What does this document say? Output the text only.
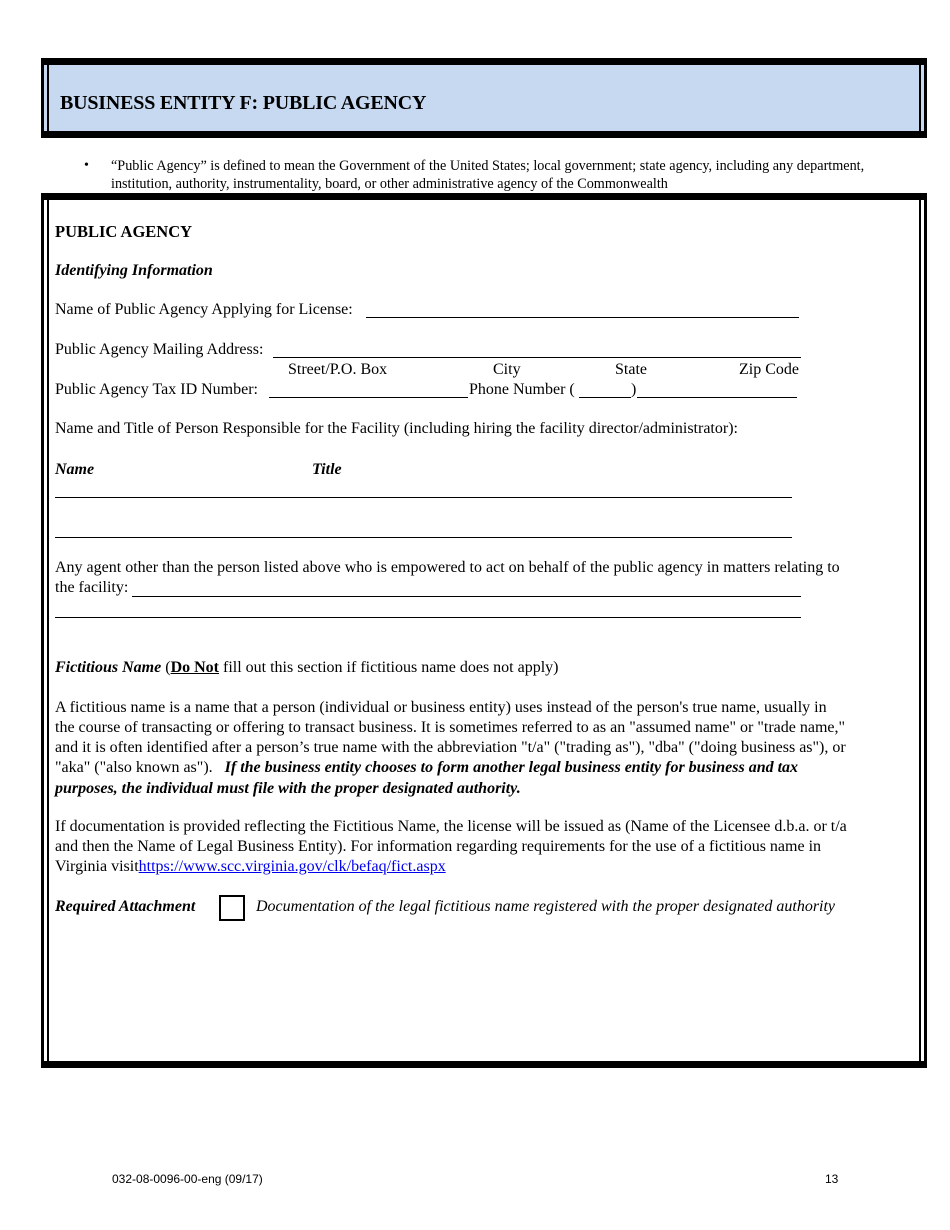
BUSINESS ENTITY F: PUBLIC AGENCY
• “Public Agency” is defined to mean the Government of the United States; local government; state agency, including any department, institution, authority, instrumentality, board, or other administrative agency of the Commonwealth
PUBLIC AGENCY
Identifying Information
Name of Public Agency Applying for License:
Public Agency Mailing Address:
Street/P.O. Box	City	State	Zip Code
Public Agency Tax ID Number:	Phone Number (	)
Name and Title of Person Responsible for the Facility (including hiring the facility director/administrator):
Name	Title
Any agent other than the person listed above who is empowered to act on behalf of the public agency in matters relating to
the facility:
Fictitious Name (Do Not fill out this section if fictitious name does not apply)
A fictitious name is a name that a person (individual or business entity) uses instead of the person's true name, usually in
the course of transacting or offering to transact business. It is sometimes referred to as an "assumed name" or "trade name,"
and it is often identified after a person’s true name with the abbreviation "t/a" ("trading as"), "dba" ("doing business as"), or
"aka" ("also known as"). If the business entity chooses to form another legal business entity for business and tax
purposes, the individual must file with the proper designated authority.
If documentation is provided reflecting the Fictitious Name, the license will be issued as (Name of the Licensee d.b.a. or t/a
and then the Name of Legal Business Entity). For information regarding requirements for the use of a fictitious name in
Virginia visithttps://www.scc.virginia.gov/clk/befaq/fict.aspx
Required Attachment	Documentation of the legal fictitious name registered with the proper designated authority
032-08-0096-00-eng (09/17)	13
